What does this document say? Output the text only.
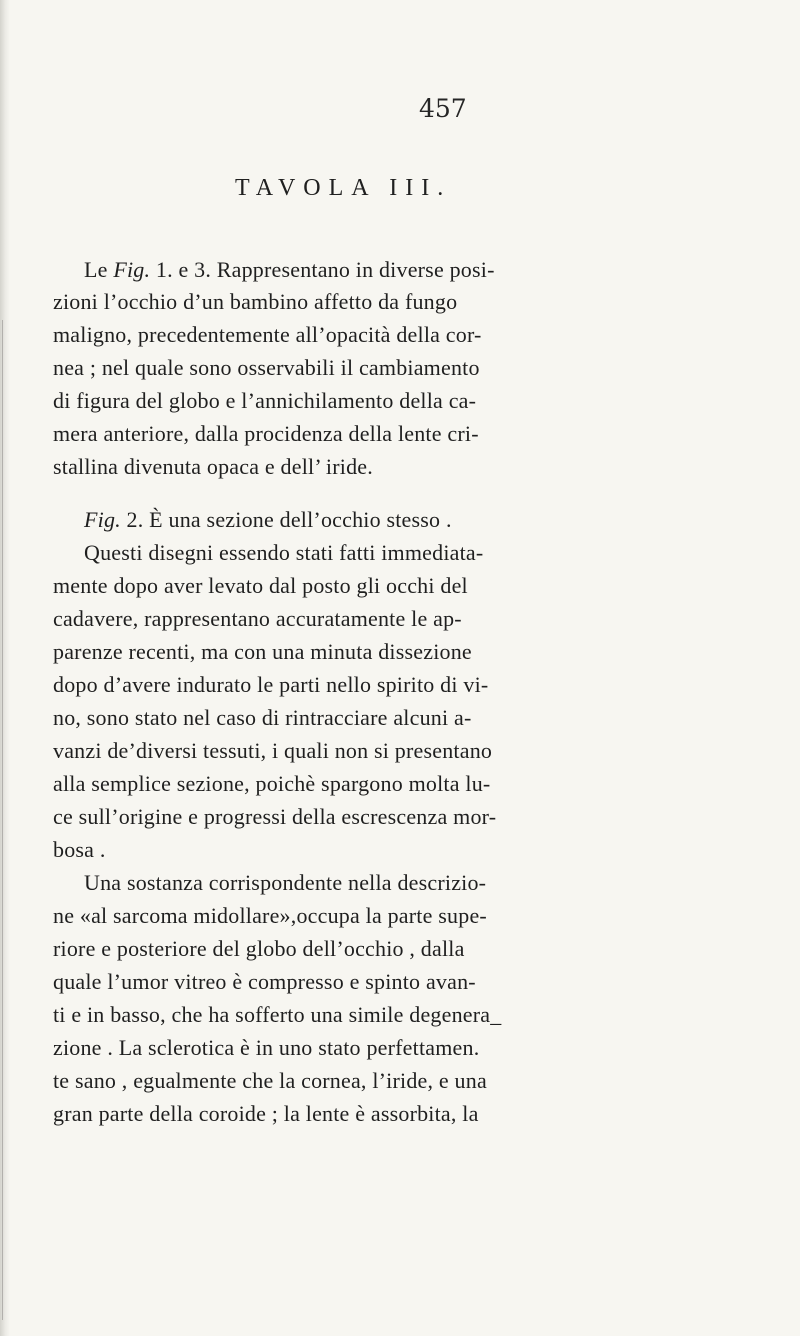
457
TAVOLA III.
Le Fig. 1. e 3. Rappresentano in diverse posi-
zioni l’occhio d’un bambino affetto da fungo
maligno, precedentemente all’opacità della cor-
nea ; nel quale sono osservabili il cambiamento
di figura del globo e l’annichilamento della ca-
mera anteriore, dalla procidenza della lente cri-
stallina divenuta opaca e dell’ iride.
Fig. 2. È una sezione dell’occhio stesso .
Questi disegni essendo stati fatti immediata-
mente dopo aver levato dal posto gli occhi del
cadavere, rappresentano accuratamente le ap-
parenze recenti, ma con una minuta dissezione
dopo d’avere indurato le parti nello spirito di vi-
no, sono stato nel caso di rintracciare alcuni a-
vanzi de’diversi tessuti, i quali non si presentano
alla semplice sezione, poichè spargono molta lu-
ce sull’origine e progressi della escrescenza mor-
bosa .
Una sostanza corrispondente nella descrizio-
ne «al sarcoma midollare»,occupa la parte supe-
riore e posteriore del globo dell’occhio , dalla
quale l’umor vitreo è compresso e spinto avan-
ti e in basso, che ha sofferto una simile degenera_
zione . La sclerotica è in uno stato perfettamen.
te sano , egualmente che la cornea, l’iride, e una
gran parte della coroide ; la lente è assorbita, la
